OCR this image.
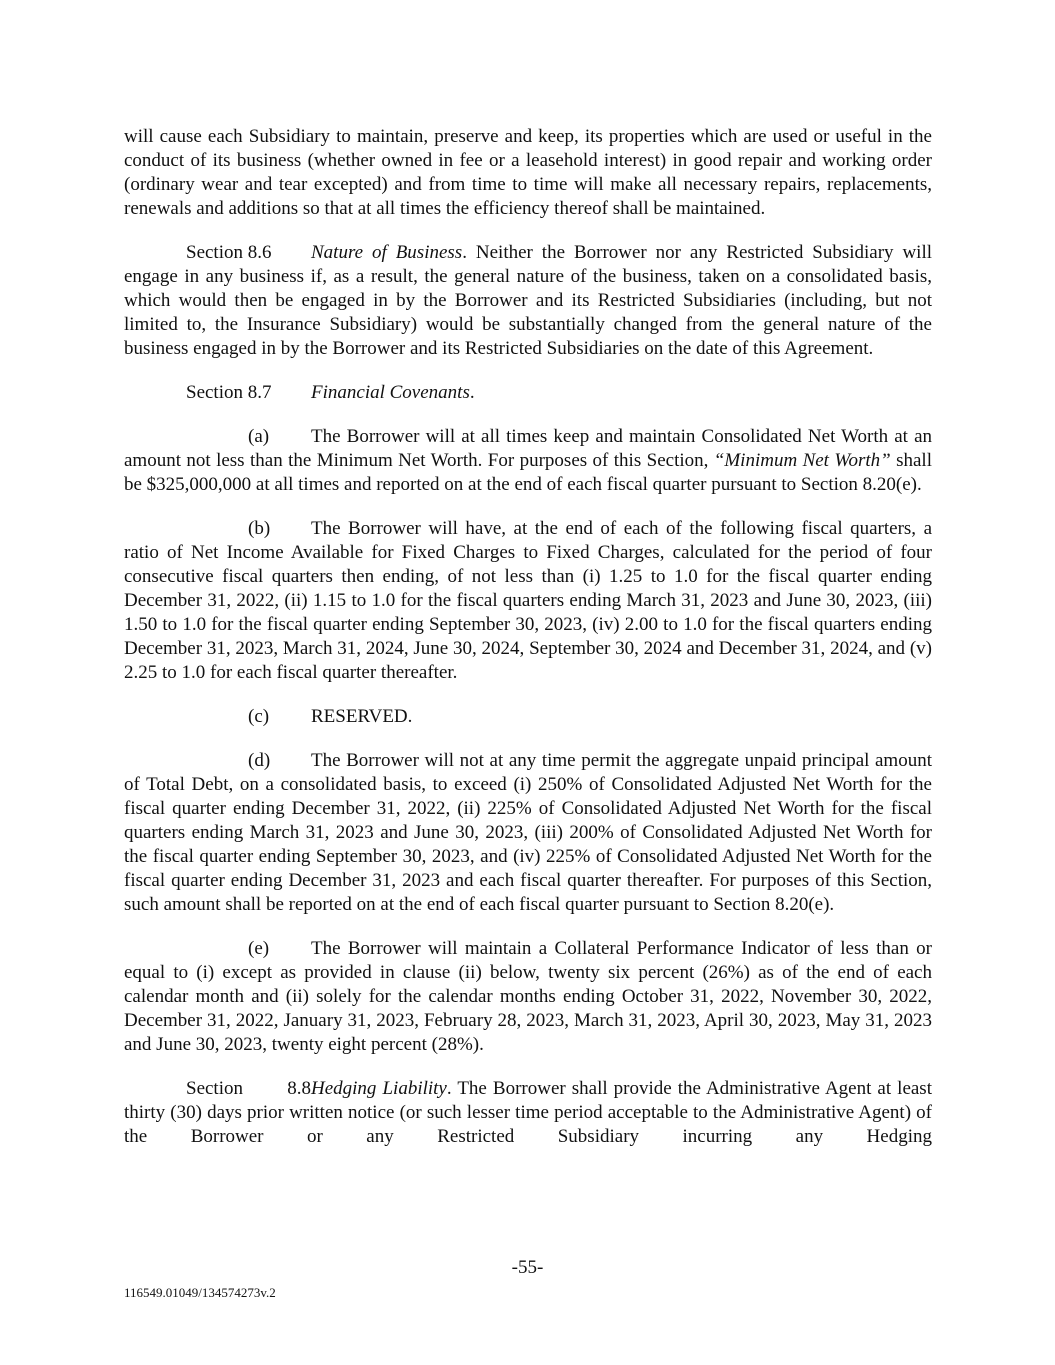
will cause each Subsidiary to maintain, preserve and keep, its properties which are used or useful in the conduct of its business (whether owned in fee or a leasehold interest) in good repair and working order (ordinary wear and tear excepted) and from time to time will make all necessary repairs, replacements, renewals and additions so that at all times the efficiency thereof shall be maintained.

Section 8.6 Nature of Business. Neither the Borrower nor any Restricted Subsidiary will engage in any business if, as a result, the general nature of the business, taken on a consolidated basis, which would then be engaged in by the Borrower and its Restricted Subsidiaries (including, but not limited to, the Insurance Subsidiary) would be substantially changed from the general nature of the business engaged in by the Borrower and its Restricted Subsidiaries on the date of this Agreement.

Section 8.7 Financial Covenants.

(a) The Borrower will at all times keep and maintain Consolidated Net Worth at an amount not less than the Minimum Net Worth. For purposes of this Section, “Minimum Net Worth” shall be $325,000,000 at all times and reported on at the end of each fiscal quarter pursuant to Section 8.20(e).

(b) The Borrower will have, at the end of each of the following fiscal quarters, a ratio of Net Income Available for Fixed Charges to Fixed Charges, calculated for the period of four consecutive fiscal quarters then ending, of not less than (i) 1.25 to 1.0 for the fiscal quarter ending December 31, 2022, (ii) 1.15 to 1.0 for the fiscal quarters ending March 31, 2023 and June 30, 2023, (iii) 1.50 to 1.0 for the fiscal quarter ending September 30, 2023, (iv) 2.00 to 1.0 for the fiscal quarters ending December 31, 2023, March 31, 2024, June 30, 2024, September 30, 2024 and December 31, 2024, and (v) 2.25 to 1.0 for each fiscal quarter thereafter.

(c) RESERVED.

(d) The Borrower will not at any time permit the aggregate unpaid principal amount of Total Debt, on a consolidated basis, to exceed (i) 250% of Consolidated Adjusted Net Worth for the fiscal quarter ending December 31, 2022, (ii) 225% of Consolidated Adjusted Net Worth for the fiscal quarters ending March 31, 2023 and June 30, 2023, (iii) 200% of Consolidated Adjusted Net Worth for the fiscal quarter ending September 30, 2023, and (iv) 225% of Consolidated Adjusted Net Worth for the fiscal quarter ending December 31, 2023 and each fiscal quarter thereafter. For purposes of this Section, such amount shall be reported on at the end of each fiscal quarter pursuant to Section 8.20(e).

(e) The Borrower will maintain a Collateral Performance Indicator of less than or equal to (i) except as provided in clause (ii) below, twenty six percent (26%) as of the end of each calendar month and (ii) solely for the calendar months ending October 31, 2022, November 30, 2022, December 31, 2022, January 31, 2023, February 28, 2023, March 31, 2023, April 30, 2023, May 31, 2023 and June 30, 2023, twenty eight percent (28%).

Section 8.8Hedging Liability. The Borrower shall provide the Administrative Agent at least thirty (30) days prior written notice (or such lesser time period acceptable to the Administrative Agent) of the Borrower or any Restricted Subsidiary incurring any Hedging

-55-
116549.01049/134574273v.2
